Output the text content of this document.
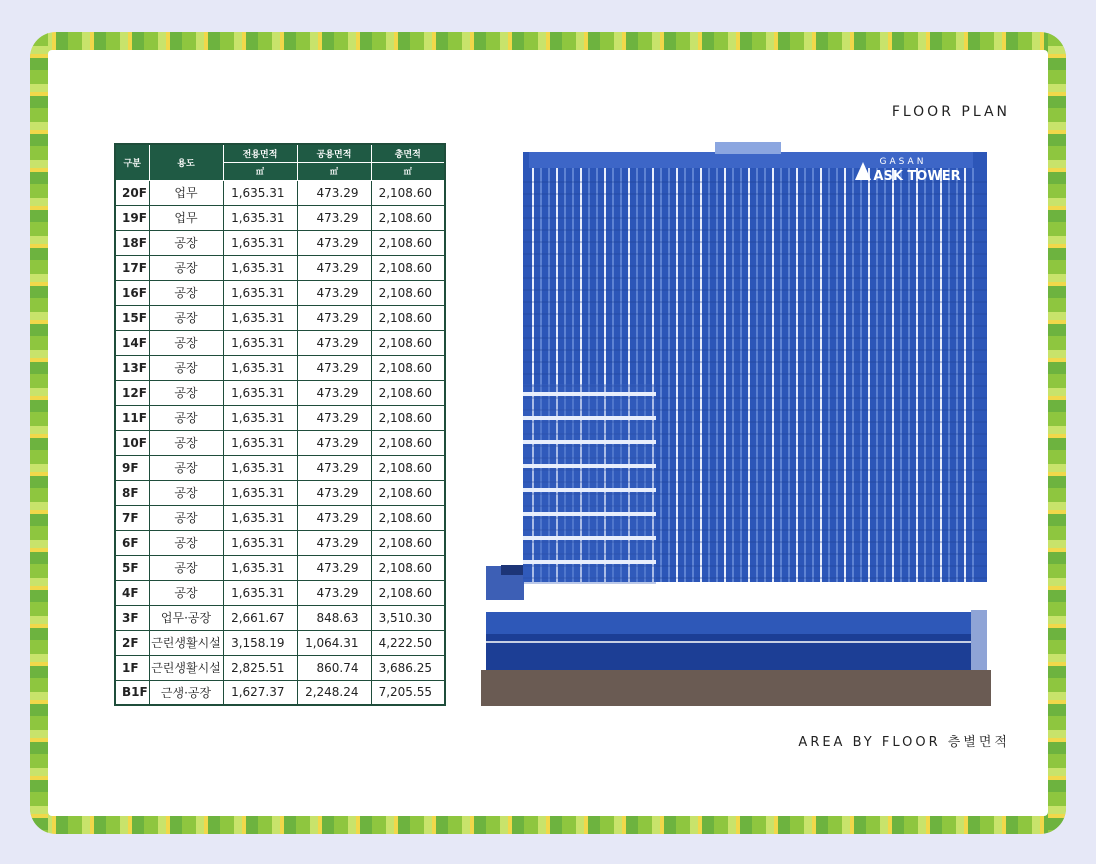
FLOOR PLAN
구분	용도	전용면적	공용면적	총면적
		㎡	㎡	㎡
20F	업무	1,635.31	473.29	2,108.60
19F	업무	1,635.31	473.29	2,108.60
18F	공장	1,635.31	473.29	2,108.60
17F	공장	1,635.31	473.29	2,108.60
16F	공장	1,635.31	473.29	2,108.60
15F	공장	1,635.31	473.29	2,108.60
14F	공장	1,635.31	473.29	2,108.60
13F	공장	1,635.31	473.29	2,108.60
12F	공장	1,635.31	473.29	2,108.60
11F	공장	1,635.31	473.29	2,108.60
10F	공장	1,635.31	473.29	2,108.60
9F	공장	1,635.31	473.29	2,108.60
8F	공장	1,635.31	473.29	2,108.60
7F	공장	1,635.31	473.29	2,108.60
6F	공장	1,635.31	473.29	2,108.60
5F	공장	1,635.31	473.29	2,108.60
4F	공장	1,635.31	473.29	2,108.60
3F	업무·공장	2,661.67	848.63	3,510.30
2F	근린생활시설	3,158.19	1,064.31	4,222.50
1F	근린생활시설	2,825.51	860.74	3,686.25
B1F	근생·공장	1,627.37	2,248.24	7,205.55
GASAN
ASK TOWER
AREA BY FLOOR 층별면적
